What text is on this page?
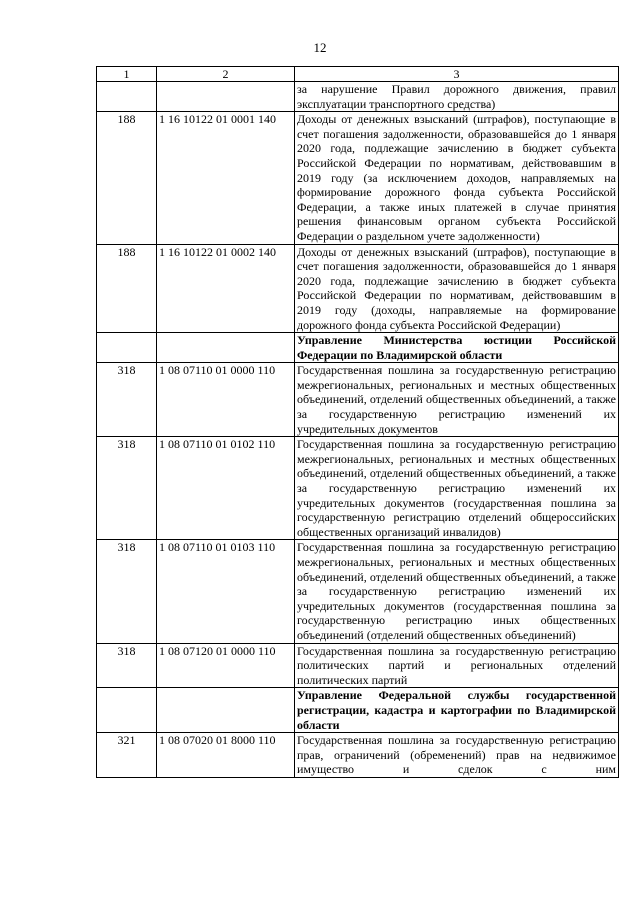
12
1	2	3
		за нарушение Правил дорожного движения, правил эксплуатации транспортного средства)
188	1 16 10122 01 0001 140	Доходы от денежных взысканий (штрафов), поступающие в счет погашения задолженности, образовавшейся до 1 января 2020 года, подлежащие зачислению в бюджет субъекта Российской Федерации по нормативам, действовавшим в 2019 году (за исключением доходов, направляемых на формирование дорожного фонда субъекта Российской Федерации, а также иных платежей в случае принятия решения финансовым органом субъекта Российской Федерации о раздельном учете задолженности)
188	1 16 10122 01 0002 140	Доходы от денежных взысканий (штрафов), поступающие в счет погашения задолженности, образовавшейся до 1 января 2020 года, подлежащие зачислению в бюджет субъекта Российской Федерации по нормативам, действовавшим в 2019 году (доходы, направляемые на формирование дорожного фонда субъекта Российской Федерации)
		Управление Министерства юстиции Российской Федерации по Владимирской области
318	1 08 07110 01 0000 110	Государственная пошлина за государственную регистрацию межрегиональных, региональных и местных общественных объединений, отделений общественных объединений, а также за государственную регистрацию изменений их учредительных документов
318	1 08 07110 01 0102 110	Государственная пошлина за государственную регистрацию межрегиональных, региональных и местных общественных объединений, отделений общественных объединений, а также за государственную регистрацию изменений их учредительных документов (государственная пошлина за государственную регистрацию отделений общероссийских общественных организаций инвалидов)
318	1 08 07110 01 0103 110	Государственная пошлина за государственную регистрацию межрегиональных, региональных и местных общественных объединений, отделений общественных объединений, а также за государственную регистрацию изменений их учредительных документов (государственная пошлина за государственную регистрацию иных общественных объединений (отделений общественных объединений)
318	1 08 07120 01 0000 110	Государственная пошлина за государственную регистрацию политических партий и региональных отделений политических партий
		Управление Федеральной службы государственной регистрации, кадастра и картографии по Владимирской области
321	1 08 07020 01 8000 110	Государственная пошлина за государственную регистрацию прав, ограничений (обременений) прав на недвижимое имущество и сделок с ним
